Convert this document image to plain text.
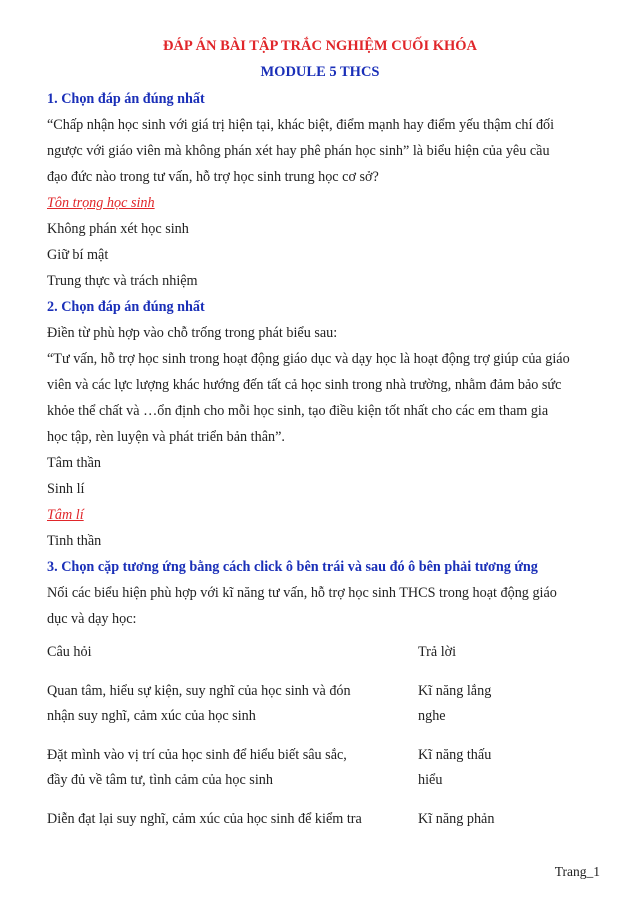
ĐÁP ÁN BÀI TẬP TRẮC NGHIỆM CUỐI KHÓA
MODULE 5 THCS
1. Chọn đáp án đúng nhất
“Chấp nhận học sinh với giá trị hiện tại, khác biệt, điểm mạnh hay điểm yếu thậm chí đối
ngược với giáo viên mà không phán xét hay phê phán học sinh” là biểu hiện của yêu cầu
đạo đức nào trong tư vấn, hỗ trợ học sinh trung học cơ sở?
Tôn trọng học sinh
Không phán xét học sinh
Giữ bí mật
Trung thực và trách nhiệm
2. Chọn đáp án đúng nhất
Điền từ phù hợp vào chỗ trống trong phát biểu sau:
“Tư vấn, hỗ trợ học sinh trong hoạt động giáo dục và dạy học là hoạt động trợ giúp của giáo
viên và các lực lượng khác hướng đến tất cả học sinh trong nhà trường, nhằm đảm bảo sức
khỏe thể chất và …ổn định cho mỗi học sinh, tạo điều kiện tốt nhất cho các em tham gia
học tập, rèn luyện và phát triển bản thân”.
Tâm thần
Sinh lí
Tâm lí
Tinh thần
3. Chọn cặp tương ứng bằng cách click ô bên trái và sau đó ô bên phải tương ứng
Nối các biểu hiện phù hợp với kĩ năng tư vấn, hỗ trợ học sinh THCS trong hoạt động giáo
dục và dạy học:
Câu hỏi	Trả lời
Quan tâm, hiểu sự kiện, suy nghĩ của học sinh và đón
nhận suy nghĩ, cảm xúc của học sinh
Kĩ năng lắng
nghe
Đặt mình vào vị trí của học sinh để hiểu biết sâu sắc,
đầy đủ về tâm tư, tình cảm của học sinh
Kĩ năng thấu
hiểu
Diễn đạt lại suy nghĩ, cảm xúc của học sinh để kiểm tra	Kĩ năng phản
Trang_1
